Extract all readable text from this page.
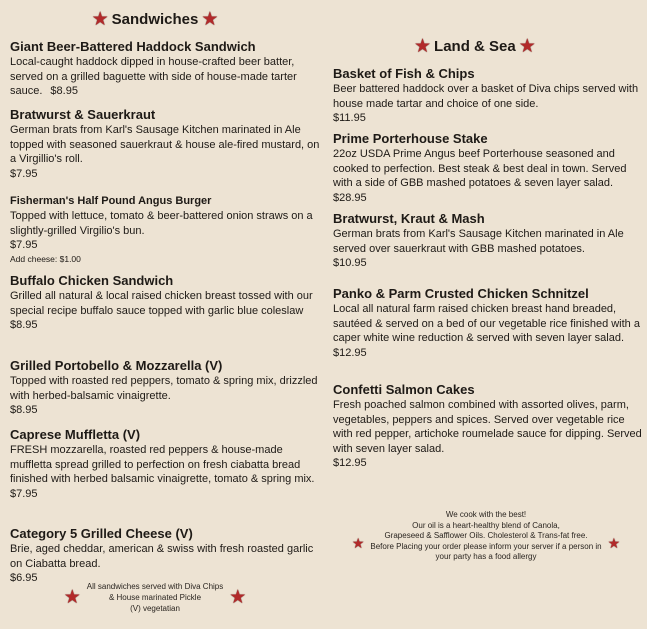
★ Sandwiches ★

Giant Beer-Battered Haddock Sandwich

Local-caught haddock dipped in house-crafted beer batter, served on a grilled baguette with side of house-made tarter sauce. $8.95

Bratwurst & Sauerkraut

German brats from Karl's Sausage Kitchen marinated in Ale topped with seasoned sauerkraut & house ale-fired mustard, on a Virgillio's roll.

$7.95

Fisherman's Half Pound Angus Burger

Topped with lettuce, tomato & beer-battered onion straws on a slightly-grilled Virgilio's bun.

$7.95

Add cheese: $1.00

Buffalo Chicken Sandwich

Grilled all natural & local raised chicken breast tossed with our special recipe buffalo sauce topped with garlic blue coleslaw

$8.95

Grilled Portobello & Mozzarella (V)

Topped with roasted red peppers, tomato & spring mix, drizzled with herbed-balsamic vinaigrette.

$8.95

Caprese Muffletta (V)

FRESH mozzarella, roasted red peppers & house-made muffletta spread grilled to perfection on fresh ciabatta bread finished with herbed balsamic vinaigrette, tomato & spring mix.

$7.95

Category 5 Grilled Cheese (V)

Brie, aged cheddar, american & swiss with fresh roasted garlic on Ciabatta bread.

$6.95

★
All sandwiches served with Diva Chips
& House marinated Pickle
(V) vegetatian
★
★ Land & Sea ★

Basket of Fish & Chips

Beer battered haddock over a basket of Diva chips served with house made tartar and choice of one side.

$11.95

Prime Porterhouse Stake

22oz USDA Prime Angus beef Porterhouse seasoned and cooked to perfection. Best steak & best deal in town. Served with a side of GBB mashed potatoes & seven layer salad.

$28.95

Bratwurst, Kraut & Mash

German brats from Karl's Sausage Kitchen marinated in Ale served over sauerkraut with GBB mashed potatoes.

$10.95

Panko & Parm Crusted Chicken Schnitzel

Local all natural farm raised chicken breast hand breaded, sautéed & served on a bed of our vegetable rice finished with a caper white wine reduction & served with seven layer salad.

$12.95

Confetti Salmon Cakes

Fresh poached salmon combined with assorted olives, parm, vegetables, peppers and spices. Served over vegetable rice with red pepper, artichoke roumelade sauce for dipping. Served with seven layer salad.

$12.95

★
We cook with the best!
Our oil is a heart-healthy blend of Canola,
Grapeseed & Safflower Oils. Cholesterol & Trans-fat free.
Before Placing your order please inform your server if a person in
your party has a food allergy
★
